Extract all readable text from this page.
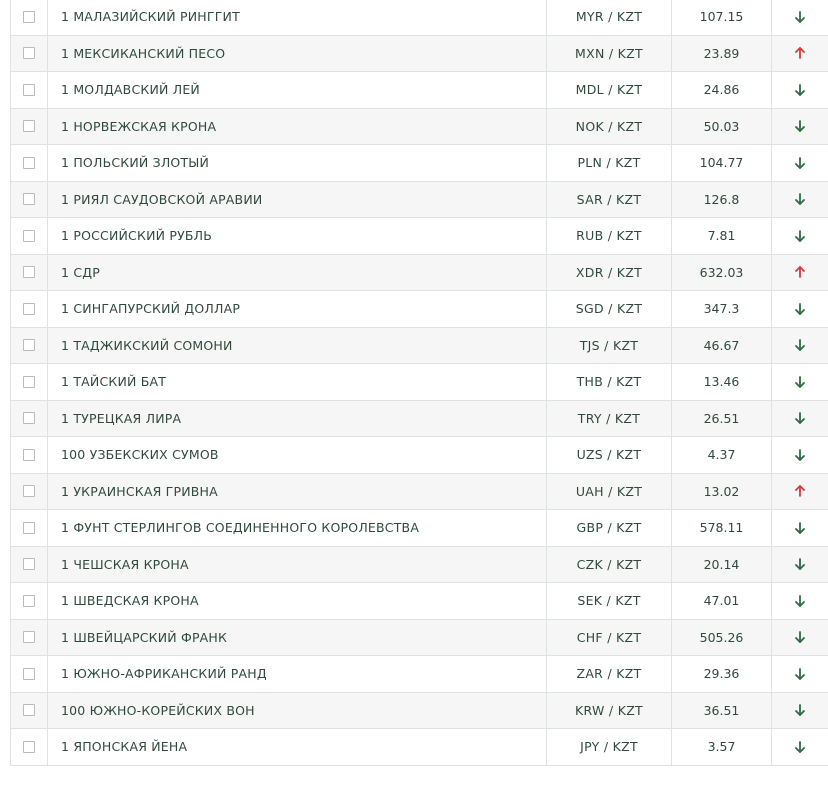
1 МАЛАЗИЙСКИЙ РИНГГИТ	MYR / KZT	107.15
1 МЕКСИКАНСКИЙ ПЕСО	MXN / KZT	23.89
1 МОЛДАВСКИЙ ЛЕЙ	MDL / KZT	24.86
1 НОРВЕЖСКАЯ КРОНА	NOK / KZT	50.03
1 ПОЛЬСКИЙ ЗЛОТЫЙ	PLN / KZT	104.77
1 РИЯЛ САУДОВСКОЙ АРАВИИ	SAR / KZT	126.8
1 РОССИЙСКИЙ РУБЛЬ	RUB / KZT	7.81
1 СДР	XDR / KZT	632.03
1 СИНГАПУРСКИЙ ДОЛЛАР	SGD / KZT	347.3
1 ТАДЖИКСКИЙ СОМОНИ	TJS / KZT	46.67
1 ТАЙСКИЙ БАТ	THB / KZT	13.46
1 ТУРЕЦКАЯ ЛИРА	TRY / KZT	26.51
100 УЗБЕКСКИХ СУМОВ	UZS / KZT	4.37
1 УКРАИНСКАЯ ГРИВНА	UAH / KZT	13.02
1 ФУНТ СТЕРЛИНГОВ СОЕДИНЕННОГО КОРОЛЕВСТВА	GBP / KZT	578.11
1 ЧЕШСКАЯ КРОНА	CZK / KZT	20.14
1 ШВЕДСКАЯ КРОНА	SEK / KZT	47.01
1 ШВЕЙЦАРСКИЙ ФРАНК	CHF / KZT	505.26
1 ЮЖНО-АФРИКАНСКИЙ РАНД	ZAR / KZT	29.36
100 ЮЖНО-КОРЕЙСКИХ ВОН	KRW / KZT	36.51
1 ЯПОНСКАЯ ЙЕНА	JPY / KZT	3.57
